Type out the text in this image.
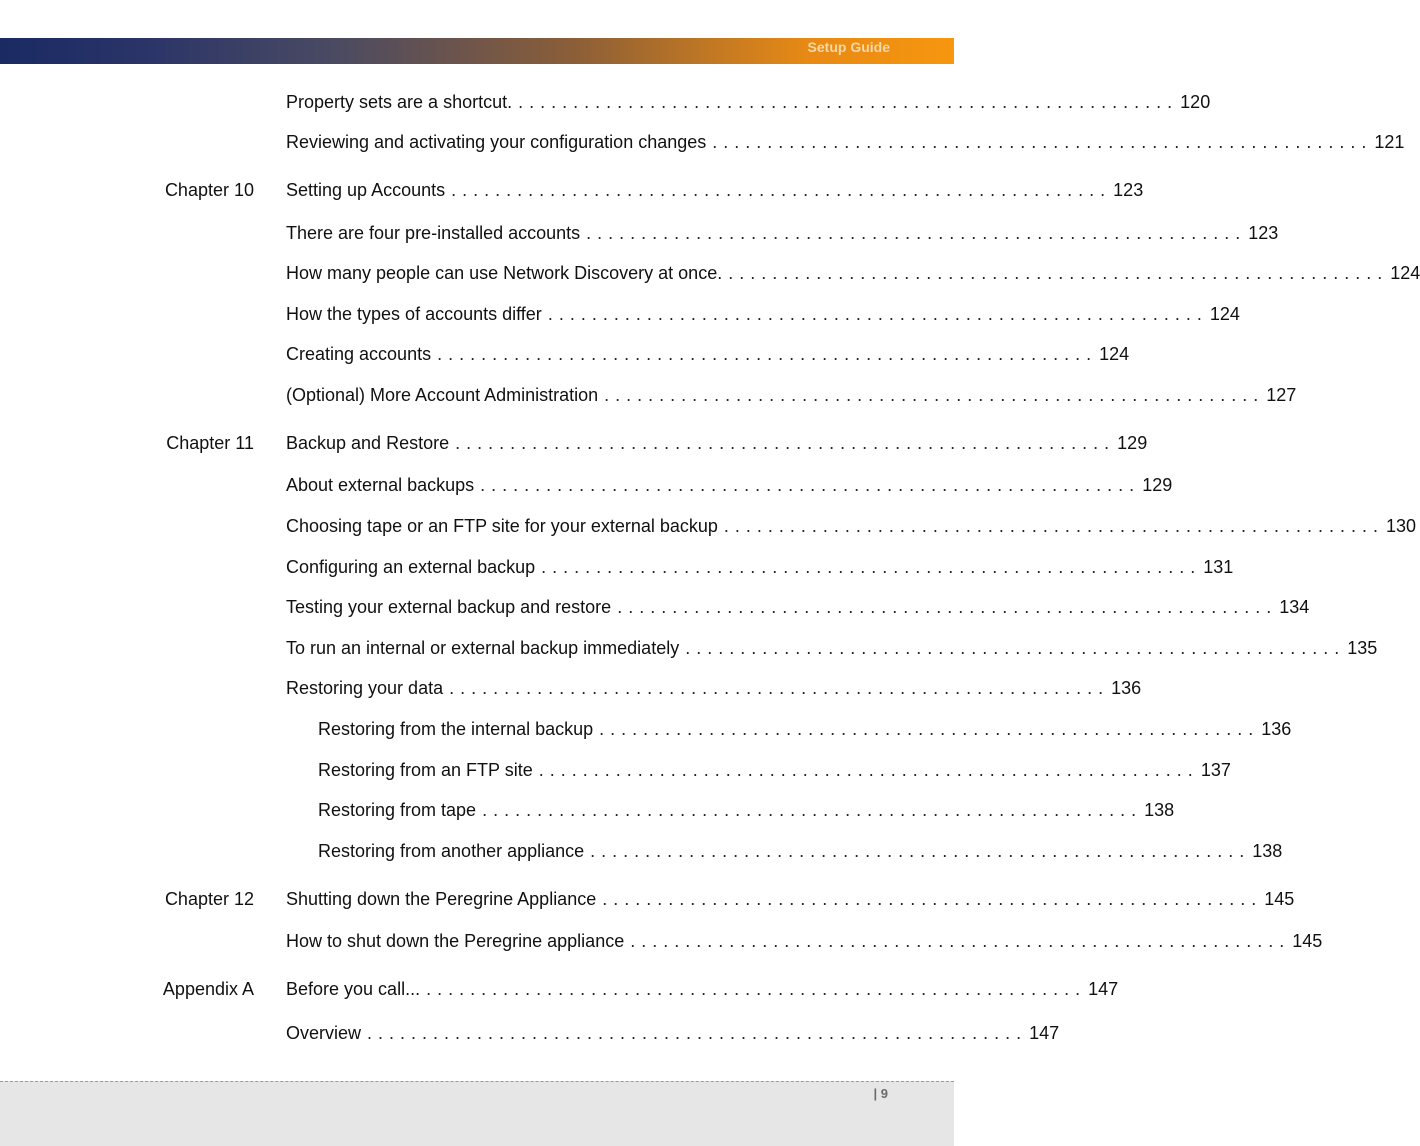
Setup Guide
Property sets are a shortcut. ............................................................ 120
Reviewing and activating your configuration changes ............................................................ 121
Chapter 10 Setting up Accounts ............................................................ 123
There are four pre-installed accounts ............................................................ 123
How many people can use Network Discovery at once. ............................................................ 124
How the types of accounts differ ............................................................ 124
Creating accounts ............................................................ 124
(Optional) More Account Administration ............................................................ 127
Chapter 11 Backup and Restore ............................................................ 129
About external backups ............................................................ 129
Choosing tape or an FTP site for your external backup ............................................................ 130
Configuring an external backup ............................................................ 131
Testing your external backup and restore ............................................................ 134
To run an internal or external backup immediately ............................................................ 135
Restoring your data ............................................................ 136
Restoring from the internal backup ............................................................ 136
Restoring from an FTP site ............................................................ 137
Restoring from tape ............................................................ 138
Restoring from another appliance ............................................................ 138
Chapter 12 Shutting down the Peregrine Appliance ............................................................ 145
How to shut down the Peregrine appliance ............................................................ 145
Appendix A Before you call... ............................................................ 147
Overview ............................................................ 147
| 9
